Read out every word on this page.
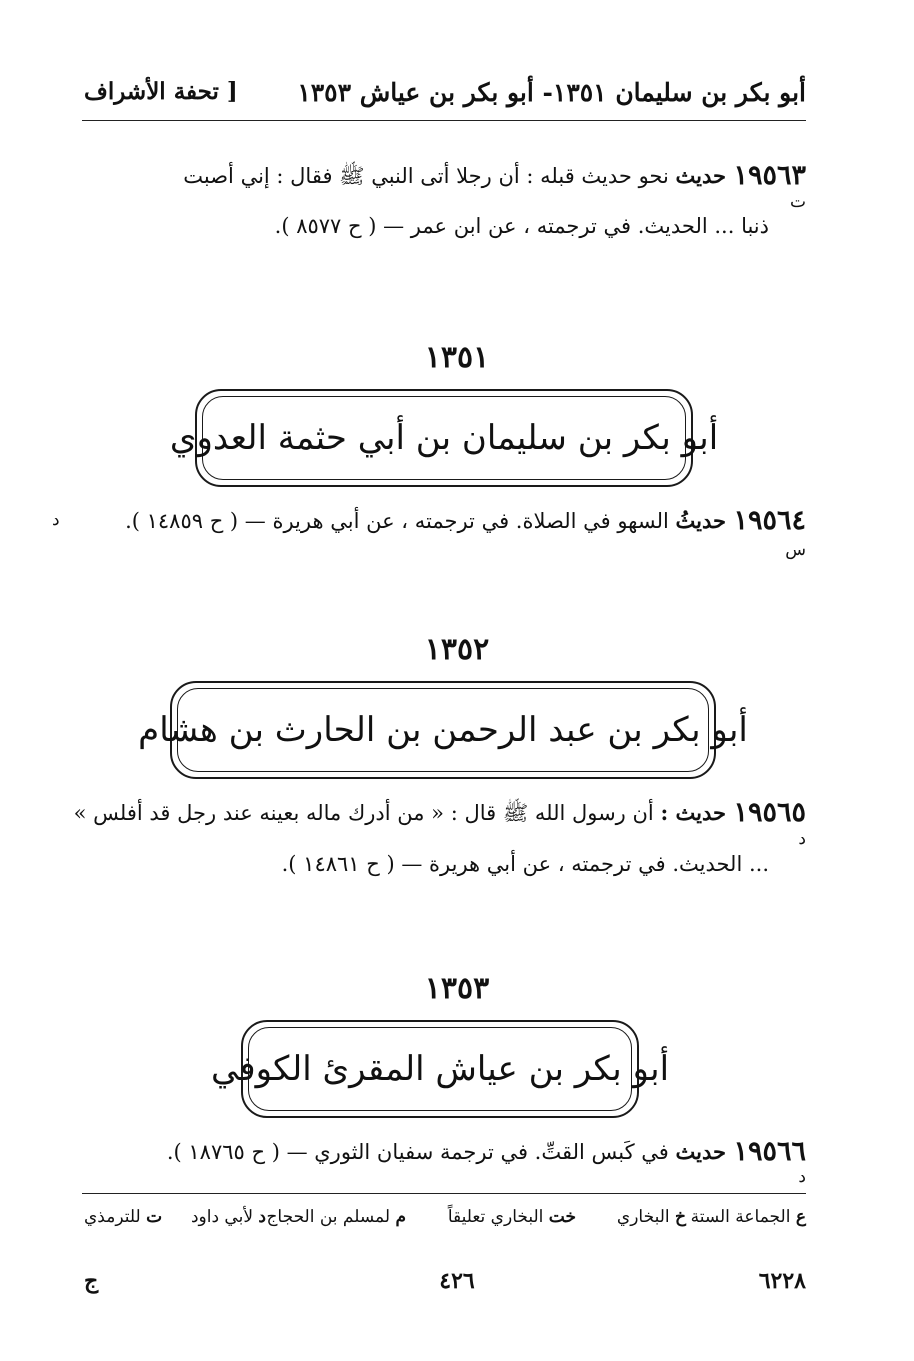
أبو بكر بن سليمان ١٣٥١- أبو بكر بن عياش ١٣٥٣
[ تحفة الأشراف
١٩٥٦٣
حديث نحو حديث قبله : أن رجلا أتى النبي ﷺ فقال : إني أصبت
ت
ذنبا ... الحديث. في ترجمته ، عن ابن عمر — ( ح ٨٥٧٧ ).
١٣٥١
أبو بكر بن سليمان بن أبي حثمة العدوي
١٩٥٦٤
حديثُ السهو في الصلاة. في ترجمته ، عن أبي هريرة — ( ح ١٤٨٥٩ ).
د
س
١٣٥٢
أبو بكر بن عبد الرحمن بن الحارث بن هشام
١٩٥٦٥
حديث : أن رسول الله ﷺ قال : « من أدرك ماله بعينه عند رجل قد أفلس »
د
... الحديث. في ترجمته ، عن أبي هريرة — ( ح ١٤٨٦١ ).
١٣٥٣
أبو بكر بن عياش المقرئ الكوفي
١٩٥٦٦
حديث في كَبس القتِّ. في ترجمة سفيان الثوري — ( ح ١٨٧٦٥ ).
د
ع الجماعة الستة
خ البخاري
خت البخاري تعليقاً
م لمسلم بن الحجاج
د لأبي داود
ت للترمذي
٦٢٢٨
٤٢٦
ج
